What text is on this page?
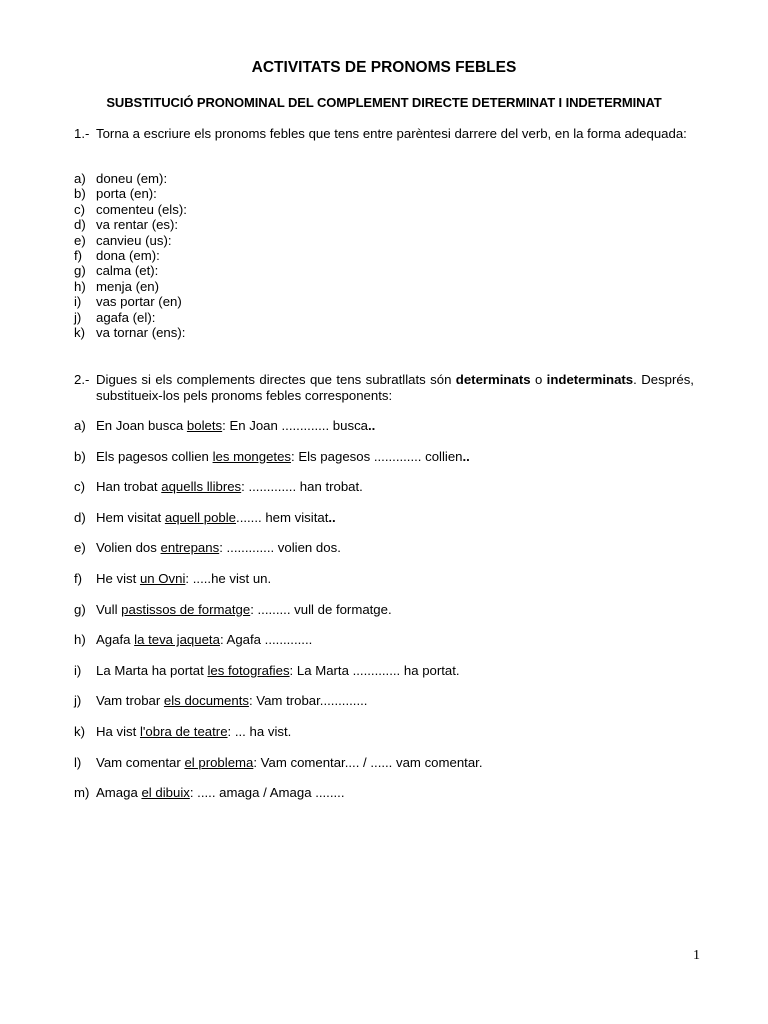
ACTIVITATS DE PRONOMS FEBLES
SUBSTITUCIÓ PRONOMINAL DEL COMPLEMENT DIRECTE DETERMINAT I INDETERMINAT
1.- Torna a escriure els pronoms febles que tens entre parèntesi darrere del verb, en la forma adequada:
a) doneu (em):
b) porta (en):
c) comenteu (els):
d) va rentar (es):
e) canvieu (us):
f)	dona (em):
g) calma (et):
h) menja (en)
i)	vas portar (en)
j)	agafa (el):
k) va tornar (ens):
2.- Digues si els complements directes que tens subratllats són determinats o indeterminats. Després, substitueix-los pels pronoms febles corresponents:
a) En Joan busca bolets: En Joan ............. busca..
b) Els pagesos collien les mongetes: Els pagesos ............. collien..
c) Han trobat aquells llibres: ............. han trobat.
d) Hem visitat aquell poble....... hem visitat..
e) Volien dos entrepans: ............. volien dos.
f)	He vist un Ovni: .....he vist un.
g) Vull pastissos de formatge: ......... vull de formatge.
h) Agafa la teva jaqueta: Agafa .............
i)	La Marta ha portat les fotografies: La Marta ............. ha portat.
j)	Vam trobar els documents: Vam trobar.............
k) Ha vist l'obra de teatre: ... ha vist.
l)	Vam comentar el problema: Vam comentar.... / ...... vam comentar.
m) Amaga el dibuix: ..... amaga / Amaga ........
1
